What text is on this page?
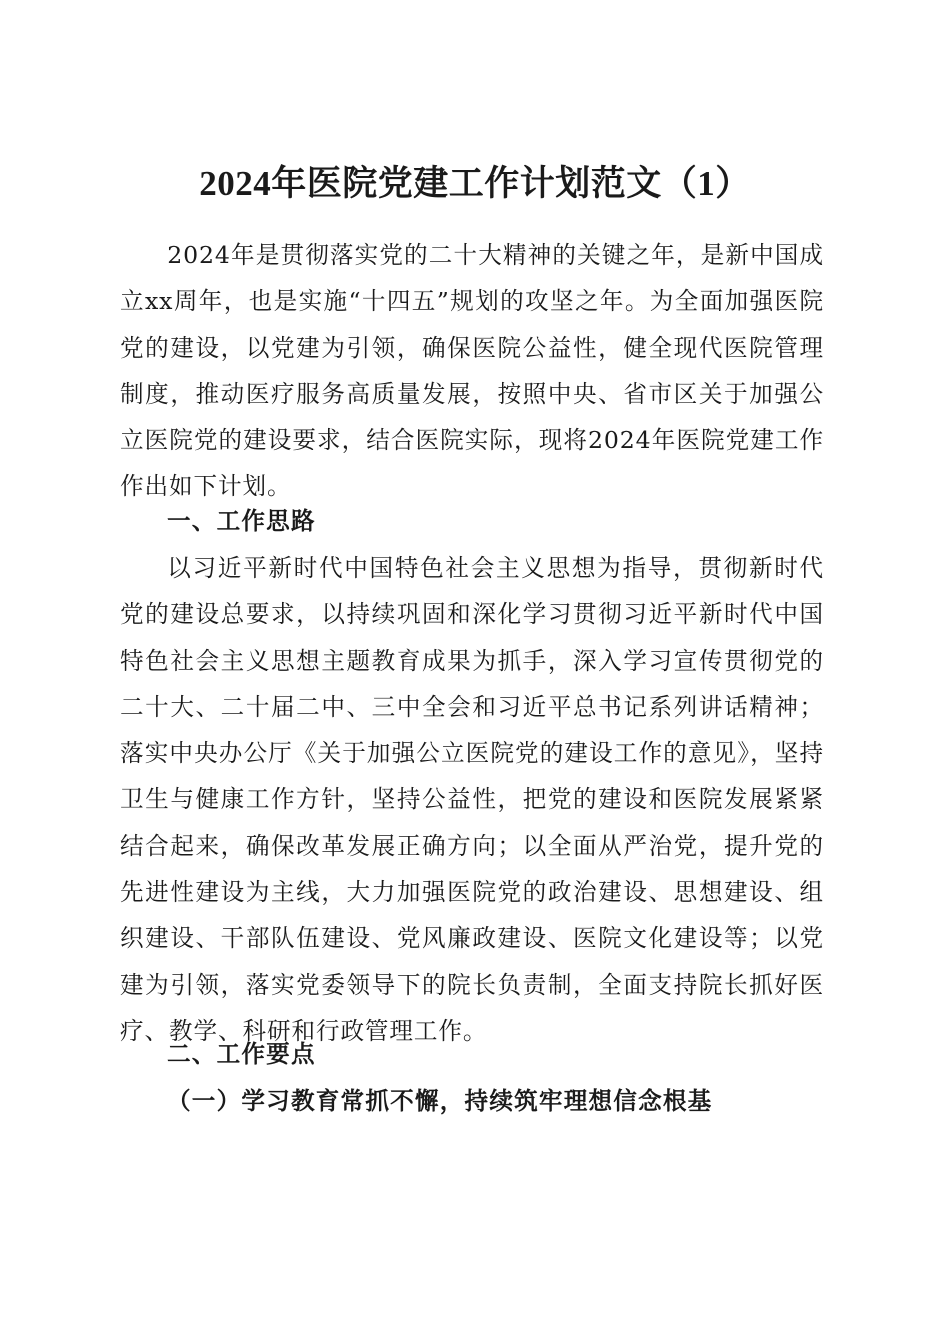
2024年医院党建工作计划范文（1）

2024年是贯彻落实党的二十大精神的关键之年，是新中国成立xx周年，也是实施“十四五”规划的攻坚之年。为全面加强医院党的建设，以党建为引领，确保医院公益性，健全现代医院管理制度，推动医疗服务高质量发展，按照中央、省市区关于加强公立医院党的建设要求，结合医院实际，现将2024年医院党建工作作出如下计划。

一、工作思路

以习近平新时代中国特色社会主义思想为指导，贯彻新时代党的建设总要求，以持续巩固和深化学习贯彻习近平新时代中国特色社会主义思想主题教育成果为抓手，深入学习宣传贯彻党的二十大、二十届二中、三中全会和习近平总书记系列讲话精神；落实中央办公厅《关于加强公立医院党的建设工作的意见》，坚持卫生与健康工作方针，坚持公益性，把党的建设和医院发展紧紧结合起来，确保改革发展正确方向；以全面从严治党，提升党的先进性建设为主线，大力加强医院党的政治建设、思想建设、组织建设、干部队伍建设、党风廉政建设、医院文化建设等；以党建为引领，落实党委领导下的院长负责制，全面支持院长抓好医疗、教学、科研和行政管理工作。

二、工作要点
（一）学习教育常抓不懈，持续筑牢理想信念根基
